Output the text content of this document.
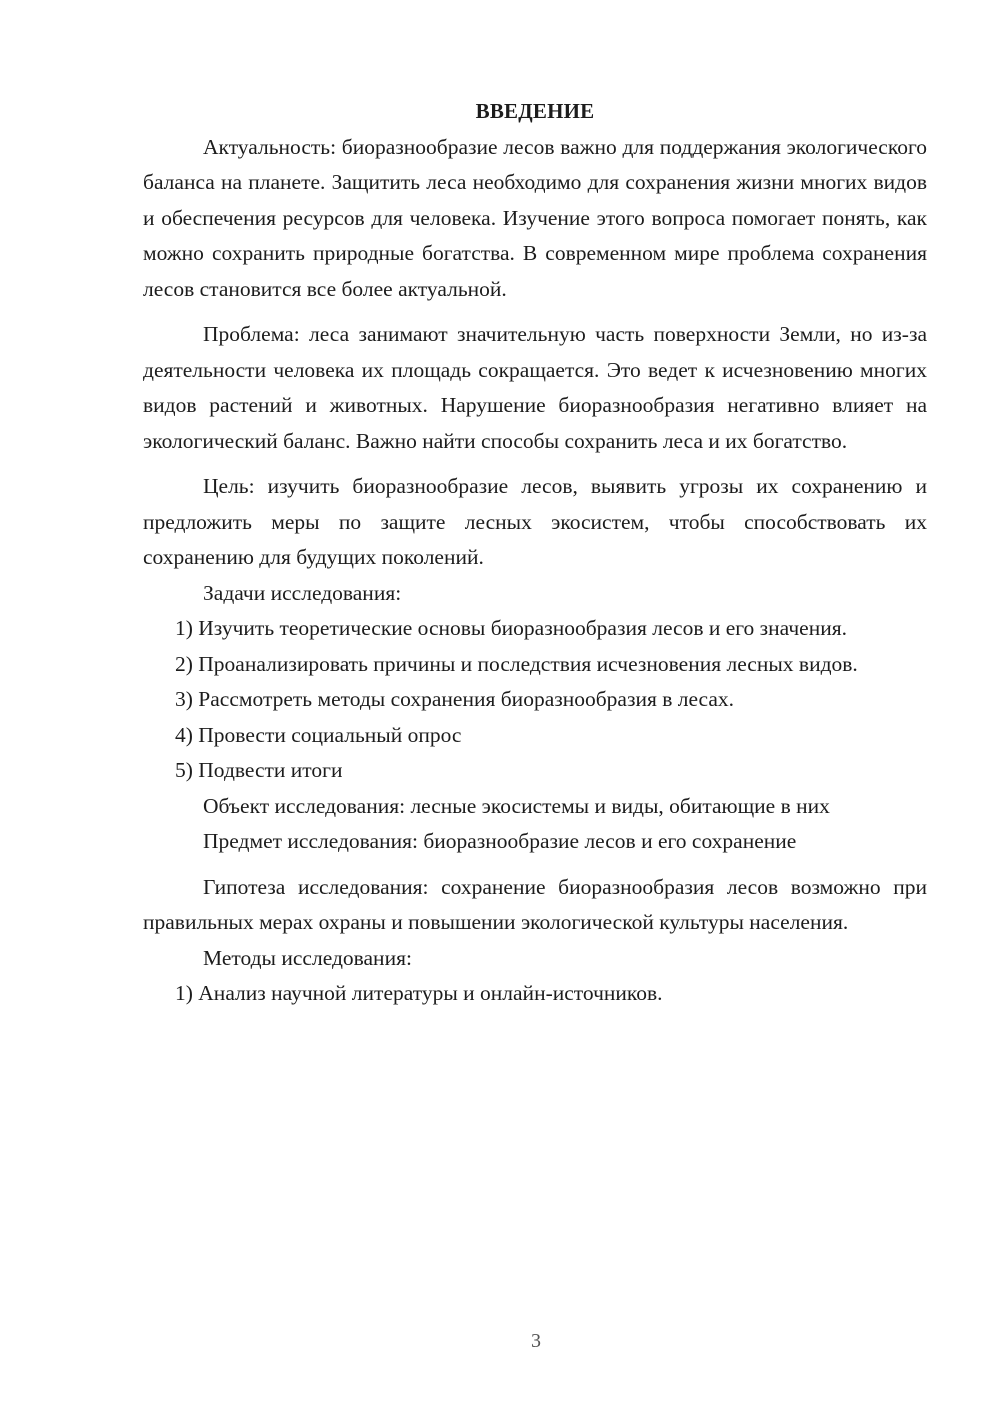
ВВЕДЕНИЕ

Актуальность: биоразнообразие лесов важно для поддержания экологического баланса на планете. Защитить леса необходимо для сохранения жизни многих видов и обеспечения ресурсов для человека. Изучение этого вопроса помогает понять, как можно сохранить природные богатства. В современном мире проблема сохранения лесов становится все более актуальной.

Проблема: леса занимают значительную часть поверхности Земли, но из-за деятельности человека их площадь сокращается. Это ведет к исчезновению многих видов растений и животных. Нарушение биоразнообразия негативно влияет на экологический баланс. Важно найти способы сохранить леса и их богатство.

Цель: изучить биоразнообразие лесов, выявить угрозы их сохранению и предложить меры по защите лесных экосистем, чтобы способствовать их сохранению для будущих поколений.

Задачи исследования:

1) Изучить теоретические основы биоразнообразия лесов и его значения.

2) Проанализировать причины и последствия исчезновения лесных видов.

3) Рассмотреть методы сохранения биоразнообразия в лесах.

4) Провести социальный опрос

5) Подвести итоги

Объект исследования: лесные экосистемы и виды, обитающие в них

Предмет исследования: биоразнообразие лесов и его сохранение

Гипотеза исследования: сохранение биоразнообразия лесов возможно при правильных мерах охраны и повышении экологической культуры населения.

Методы исследования:

1) Анализ научной литературы и онлайн-источников.

3
